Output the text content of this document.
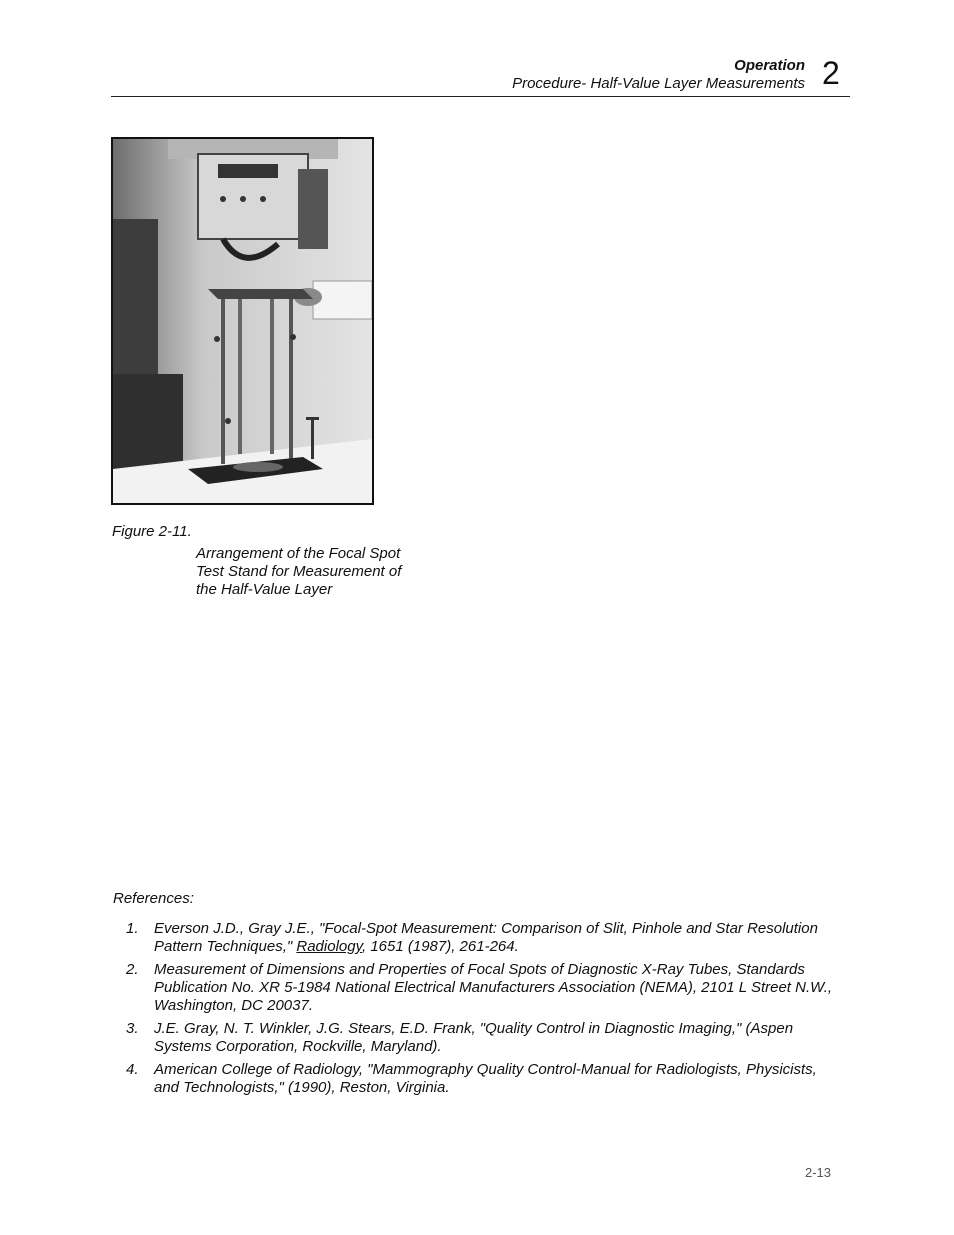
Operation
Procedure- Half-Value Layer Measurements 2
Figure 2-11.
Arrangement of the Focal Spot
Test Stand for Measurement of
the Half-Value Layer
References:
1. Everson J.D., Gray J.E., "Focal-Spot Measurement: Comparison of Slit, Pinhole and Star Resolution Pattern Techniques," Radiology, 1651 (1987), 261-264.
2. Measurement of Dimensions and Properties of Focal Spots of Diagnostic X-Ray Tubes, Standards Publication No. XR 5-1984 National Electrical Manufacturers Association (NEMA), 2101 L Street N.W., Washington, DC 20037.
3. J.E. Gray, N. T. Winkler, J.G. Stears, E.D. Frank, "Quality Control in Diagnostic Imaging," (Aspen Systems Corporation, Rockville, Maryland).
4. American College of Radiology, "Mammography Quality Control-Manual for Radiologists, Physicists, and Technologists," (1990), Reston, Virginia.
2-13
